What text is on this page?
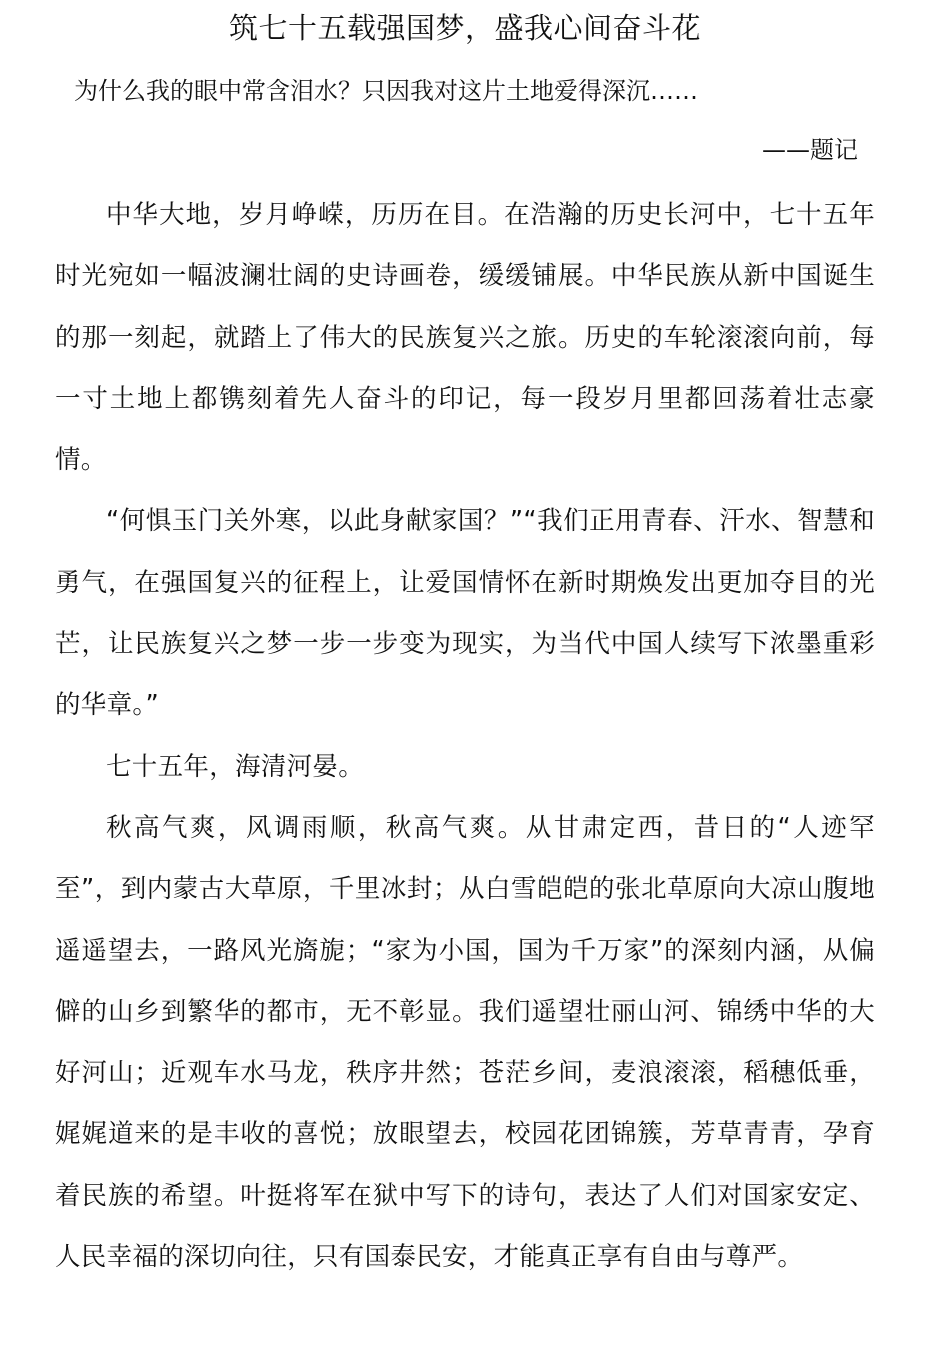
筑七十五载强国梦，盛我心间奋斗花
为什么我的眼中常含泪水？只因我对这片土地爱得深沉……
——题记

中华大地，岁月峥嵘，历历在目。在浩瀚的历史长河中，七十五年时光宛如一幅波澜壮阔的史诗画卷，缓缓铺展。中华民族从新中国诞生的那一刻起，就踏上了伟大的民族复兴之旅。历史的车轮滚滚向前，每一寸土地上都镌刻着先人奋斗的印记，每一段岁月里都回荡着壮志豪情。

“何惧玉门关外寒，以此身献家国？”“我们正用青春、汗水、智慧和勇气，在强国复兴的征程上，让爱国情怀在新时期焕发出更加夺目的光芒，让民族复兴之梦一步一步变为现实，为当代中国人续写下浓墨重彩的华章。”

七十五年，海清河晏。

秋高气爽，风调雨顺，秋高气爽。从甘肃定西，昔日的“人迹罕至”，到内蒙古大草原，千里冰封；从白雪皑皑的张北草原向大凉山腹地遥遥望去，一路风光旖旎；“家为小国，国为千万家”的深刻内涵，从偏僻的山乡到繁华的都市，无不彰显。我们遥望壮丽山河、锦绣中华的大好河山；近观车水马龙，秩序井然；苍茫乡间，麦浪滚滚，稻穗低垂，娓娓道来的是丰收的喜悦；放眼望去，校园花团锦簇，芳草青青，孕育着民族的希望。叶挺将军在狱中写下的诗句，表达了人们对国家安定、人民幸福的深切向往，只有国泰民安，才能真正享有自由与尊严。
